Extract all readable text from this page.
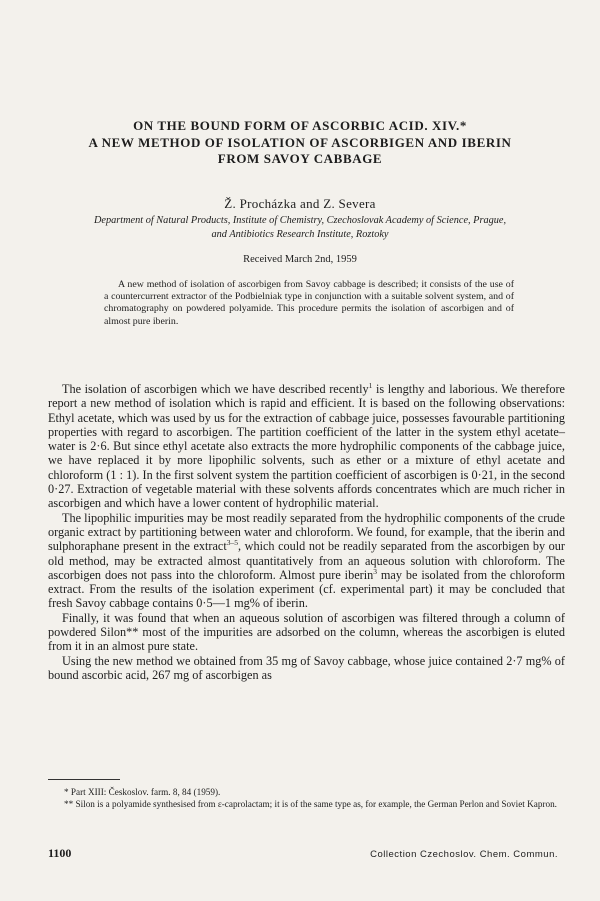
ON THE BOUND FORM OF ASCORBIC ACID. XIV.*
A NEW METHOD OF ISOLATION OF ASCORBIGEN AND IBERIN
FROM SAVOY CABBAGE
Ž. Procházka and Z. Severa
Department of Natural Products, Institute of Chemistry, Czechoslovak Academy of Science, Prague,
and Antibiotics Research Institute, Roztoky
Received March 2nd, 1959
A new method of isolation of ascorbigen from Savoy cabbage is described; it consists of the use of a countercurrent extractor of the Podbielniak type in conjunction with a suitable solvent system, and of chromatography on powdered polyamide. This procedure permits the isolation of ascorbigen and of almost pure iberin.

The isolation of ascorbigen which we have described recently$^1$ is lengthy and laborious. We therefore report a new method of isolation which is rapid and efficient. It is based on the following observations: Ethyl acetate, which was used by us for the extraction of cabbage juice, possesses favourable partitioning properties with regard to ascorbigen. The partition coefficient of the latter in the system ethyl acetate–water is 2·6. But since ethyl acetate also extracts the more hydrophilic components of the cabbage juice, we have replaced it by more lipophilic solvents, such as ether or a mixture of ethyl acetate and chloroform (1 : 1). In the first solvent system the partition coefficient of ascorbigen is 0·21, in the second 0·27. Extraction of vegetable material with these solvents affords concentrates which are much richer in ascorbigen and which have a lower content of hydrophilic material.

The lipophilic impurities may be most readily separated from the hydrophilic components of the crude organic extract by partitioning between water and chloroform. We found, for example, that the iberin and sulphoraphane present in the extract$^{3-5}$, which could not be readily separated from the ascorbigen by our old method, may be extracted almost quantitatively from an aqueous solution with chloroform. The ascorbigen does not pass into the chloroform. Almost pure iberin$^3$ may be isolated from the chloroform extract. From the results of the isolation experiment (cf. experimental part) it may be concluded that fresh Savoy cabbage contains 0·5—1 mg% of iberin.

Finally, it was found that when an aqueous solution of ascorbigen was filtered through a column of powdered Silon** most of the impurities are adsorbed on the column, whereas the ascorbigen is eluted from it in an almost pure state.

Using the new method we obtained from 35 mg of Savoy cabbage, whose juice contained 2·7 mg% of bound ascorbic acid, 267 mg of ascorbigen as

* Part XIII: Českoslov. farm. 8, 84 (1959).

** Silon is a polyamide synthesised from ε-caprolactam; it is of the same type as, for example, the German Perlon and Soviet Kapron.

1100	Collection Czechoslov. Chem. Commun.
